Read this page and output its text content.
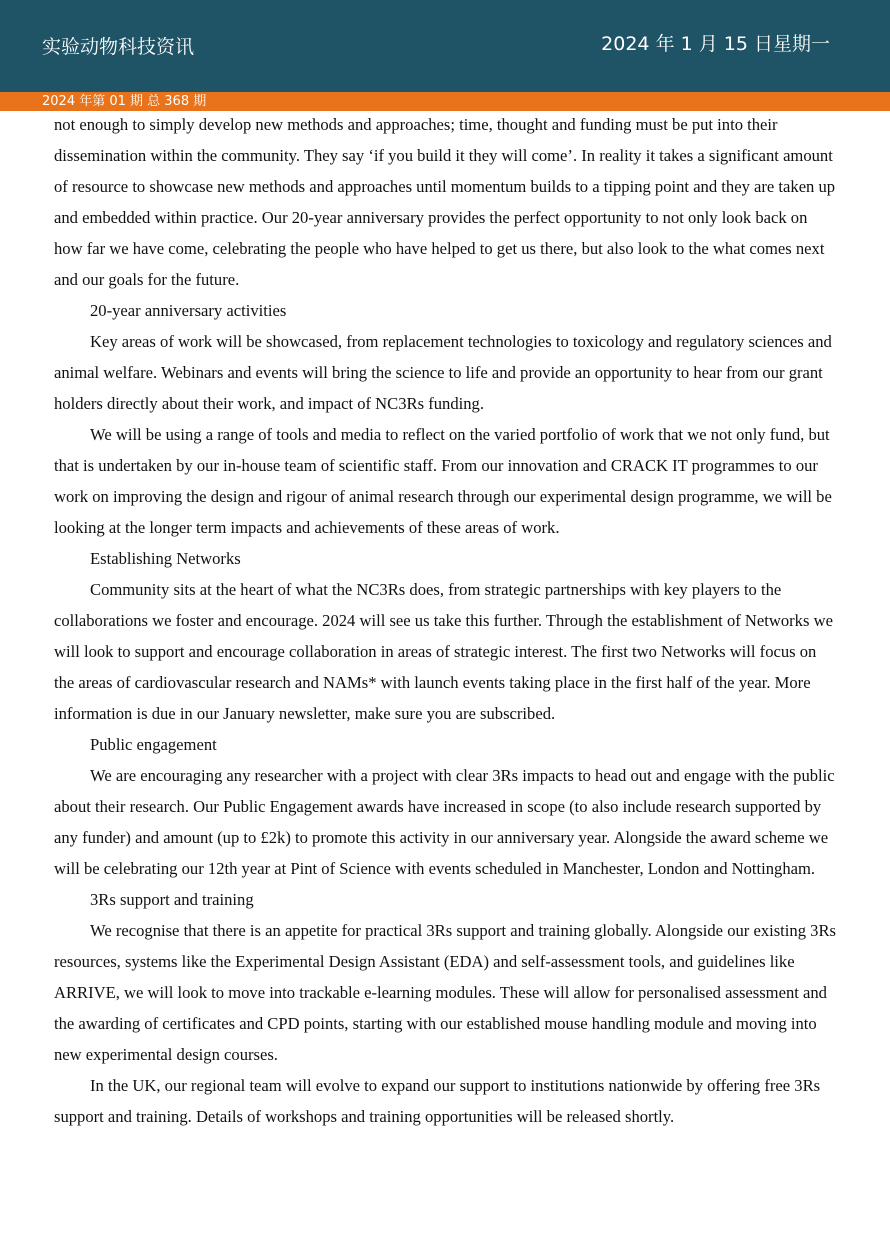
实验动物科技资讯	2024 年 1 月 15 日星期一
2024 年第 01 期 总 368 期

not enough to simply develop new methods and approaches; time, thought and funding must be put into their dissemination within the community. They say ‘if you build it they will come’. In reality it takes a significant amount of resource to showcase new methods and approaches until momentum builds to a tipping point and they are taken up and embedded within practice. Our 20-year anniversary provides the perfect opportunity to not only look back on how far we have come, celebrating the people who have helped to get us there, but also look to the what comes next and our goals for the future.

20-year anniversary activities

Key areas of work will be showcased, from replacement technologies to toxicology and regulatory sciences and animal welfare. Webinars and events will bring the science to life and provide an opportunity to hear from our grant holders directly about their work, and impact of NC3Rs funding.

We will be using a range of tools and media to reflect on the varied portfolio of work that we not only fund, but that is undertaken by our in-house team of scientific staff. From our innovation and CRACK IT programmes to our work on improving the design and rigour of animal research through our experimental design programme, we will be looking at the longer term impacts and achievements of these areas of work.

Establishing Networks

Community sits at the heart of what the NC3Rs does, from strategic partnerships with key players to the collaborations we foster and encourage. 2024 will see us take this further. Through the establishment of Networks we will look to support and encourage collaboration in areas of strategic interest. The first two Networks will focus on the areas of cardiovascular research and NAMs* with launch events taking place in the first half of the year. More information is due in our January newsletter, make sure you are subscribed.

Public engagement

We are encouraging any researcher with a project with clear 3Rs impacts to head out and engage with the public about their research. Our Public Engagement awards have increased in scope (to also include research supported by any funder) and amount (up to £2k) to promote this activity in our anniversary year. Alongside the award scheme we will be celebrating our 12th year at Pint of Science with events scheduled in Manchester, London and Nottingham.

3Rs support and training

We recognise that there is an appetite for practical 3Rs support and training globally. Alongside our existing 3Rs resources, systems like the Experimental Design Assistant (EDA) and self-assessment tools, and guidelines like ARRIVE, we will look to move into trackable e-learning modules. These will allow for personalised assessment and the awarding of certificates and CPD points, starting with our established mouse handling module and moving into new experimental design courses.

In the UK, our regional team will evolve to expand our support to institutions nationwide by offering free 3Rs support and training. Details of workshops and training opportunities will be released shortly.
